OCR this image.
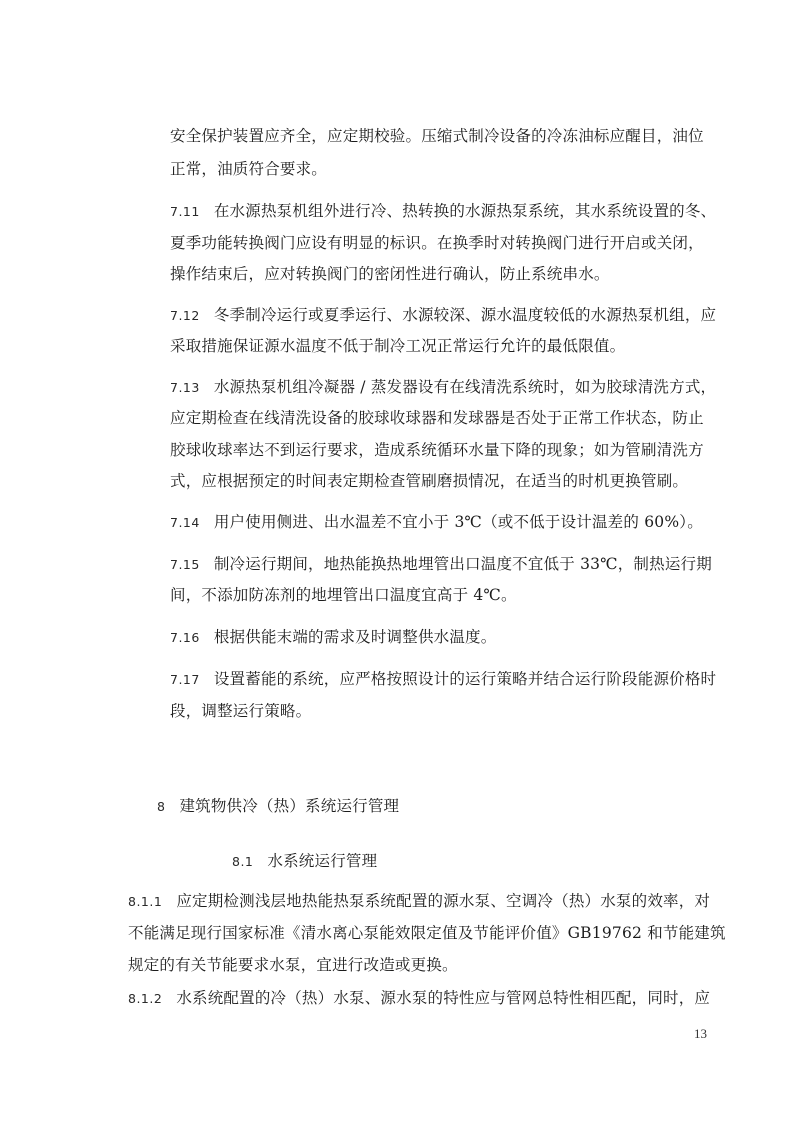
安全保护装置应齐全，应定期校验。压缩式制冷设备的冷冻油标应醒目，油位
正常，油质符合要求。
7.11 在水源热泵机组外进行冷、热转换的水源热泵系统，其水系统设置的冬、
夏季功能转换阀门应设有明显的标识。在换季时对转换阀门进行开启或关闭，
操作结束后，应对转换阀门的密闭性进行确认，防止系统串水。
7.12 冬季制冷运行或夏季运行、水源较深、源水温度较低的水源热泵机组，应
采取措施保证源水温度不低于制冷工况正常运行允许的最低限值。
7.13 水源热泵机组冷凝器 / 蒸发器设有在线清洗系统时，如为胶球清洗方式，
应定期检查在线清洗设备的胶球收球器和发球器是否处于正常工作状态，防止
胶球收球率达不到运行要求，造成系统循环水量下降的现象；如为管刷清洗方
式，应根据预定的时间表定期检查管刷磨损情况，在适当的时机更换管刷。
7.14 用户使用侧进、出水温差不宜小于 3℃（或不低于设计温差的 60%）。
7.15 制冷运行期间，地热能换热地埋管出口温度不宜低于 33℃，制热运行期
间，不添加防冻剂的地埋管出口温度宜高于 4℃。
7.16 根据供能末端的需求及时调整供水温度。
7.17 设置蓄能的系统，应严格按照设计的运行策略并结合运行阶段能源价格时
段，调整运行策略。
8 建筑物供冷（热）系统运行管理
8.1 水系统运行管理
8.1.1 应定期检测浅层地热能热泵系统配置的源水泵、空调冷（热）水泵的效率，对
不能满足现行国家标准《清水离心泵能效限定值及节能评价值》GB19762 和节能建筑
规定的有关节能要求水泵，宜进行改造或更换。
8.1.2 水系统配置的冷（热）水泵、源水泵的特性应与管网总特性相匹配，同时，应
13
